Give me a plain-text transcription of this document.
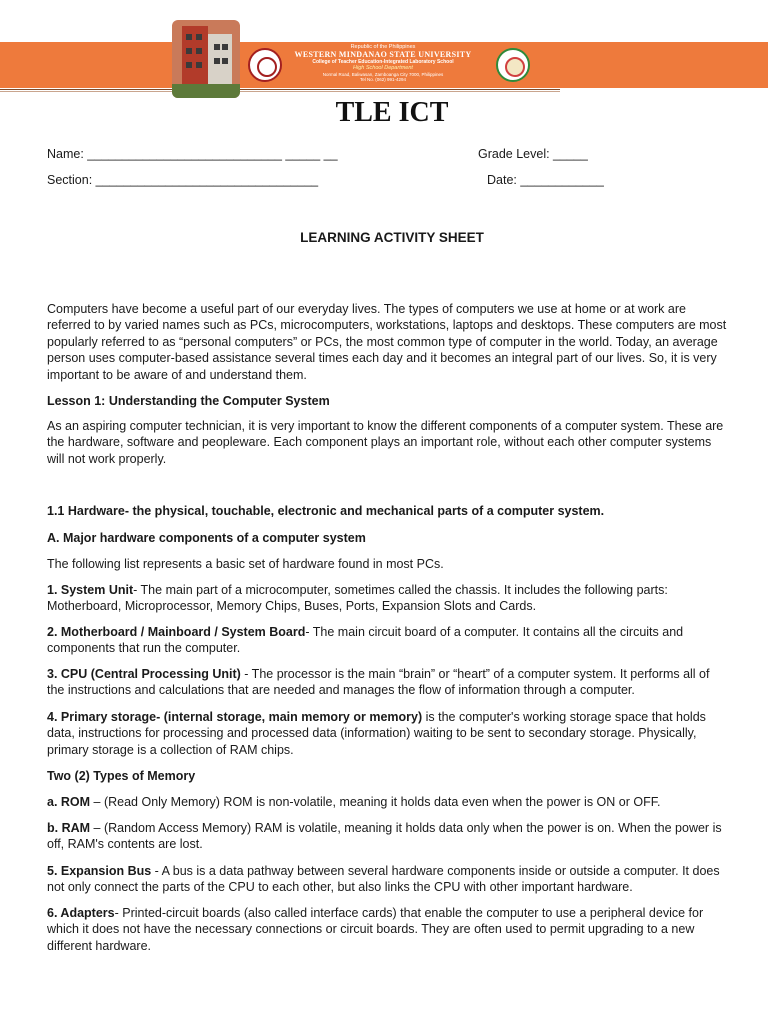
Republic of the Philippines
WESTERN MINDANAO STATE UNIVERSITY
College of Teacher Education-Integrated Laboratory School
High School Department
Normal Road, Baliwasan, Zamboanga City 7000, Philippines
Tel No. (062) 991-4294
TLE ICT
Name: ____________________________ _____ __	Grade Level: _____
Section: ________________________________	Date: ____________
LEARNING ACTIVITY SHEET

Computers have become a useful part of our everyday lives. The types of computers we use at home or at work are referred to by varied names such as PCs, microcomputers, workstations, laptops and desktops. These computers are most popularly referred to as “personal computers” or PCs, the most common type of computer in the world. Today, an average person uses computer-based assistance several times each day and it becomes an integral part of our lives. So, it is very important to be aware of and understand them.

Lesson 1: Understanding the Computer System

As an aspiring computer technician, it is very important to know the different components of a computer system. These are the hardware, software and peopleware. Each component plays an important role, without each other computer systems will not work properly.

1.1 Hardware- the physical, touchable, electronic and mechanical parts of a computer system.

A. Major hardware components of a computer system

The following list represents a basic set of hardware found in most PCs.

1. System Unit- The main part of a microcomputer, sometimes called the chassis. It includes the following parts: Motherboard, Microprocessor, Memory Chips, Buses, Ports, Expansion Slots and Cards.

2. Motherboard / Mainboard / System Board- The main circuit board of a computer. It contains all the circuits and components that run the computer.

3. CPU (Central Processing Unit) - The processor is the main “brain” or “heart” of a computer system. It performs all of the instructions and calculations that are needed and manages the flow of information through a computer.

4. Primary storage- (internal storage, main memory or memory) is the computer's working storage space that holds data, instructions for processing and processed data (information) waiting to be sent to secondary storage. Physically, primary storage is a collection of RAM chips.

Two (2) Types of Memory

a. ROM – (Read Only Memory) ROM is non-volatile, meaning it holds data even when the power is ON or OFF.

b. RAM – (Random Access Memory) RAM is volatile, meaning it holds data only when the power is on. When the power is off, RAM's contents are lost.

5. Expansion Bus - A bus is a data pathway between several hardware components inside or outside a computer. It does not only connect the parts of the CPU to each other, but also links the CPU with other important hardware.

6. Adapters- Printed-circuit boards (also called interface cards) that enable the computer to use a peripheral device for which it does not have the necessary connections or circuit boards. They are often used to permit upgrading to a new different hardware.
